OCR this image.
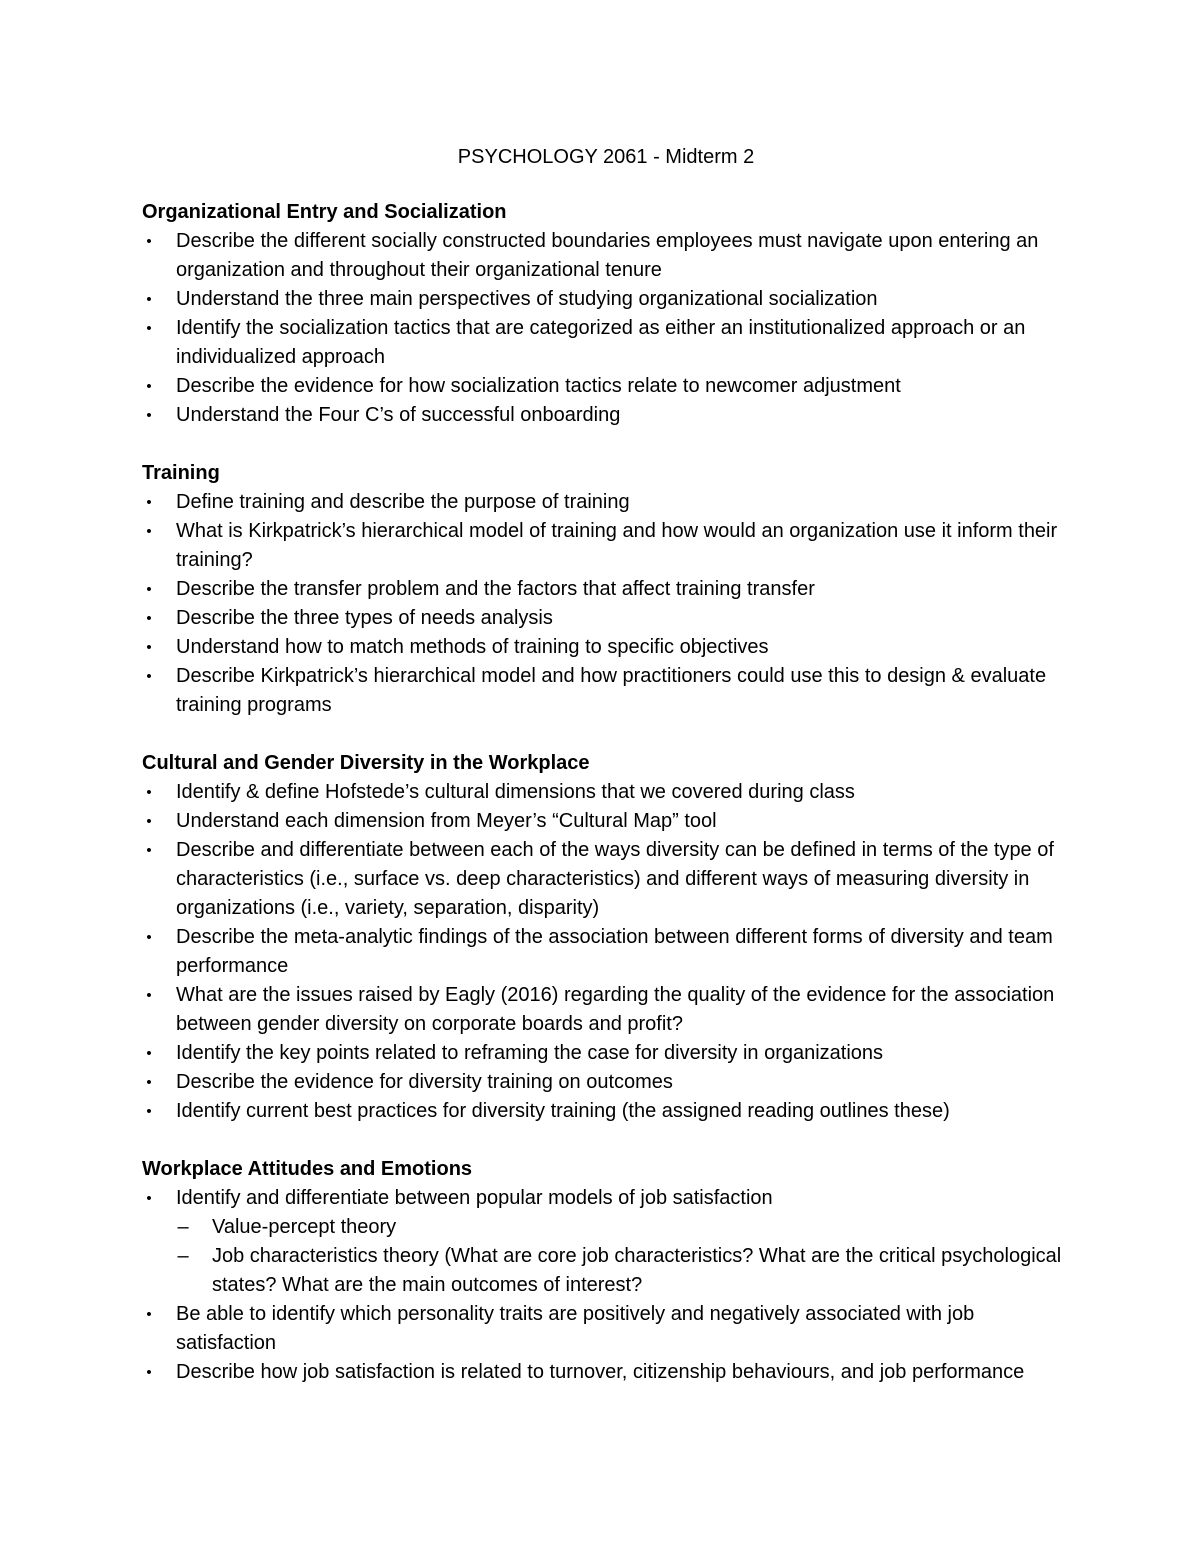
PSYCHOLOGY 2061 - Midterm 2
Organizational Entry and Socialization
• Describe the different socially constructed boundaries employees must navigate upon entering an organization and throughout their organizational tenure
• Understand the three main perspectives of studying organizational socialization
• Identify the socialization tactics that are categorized as either an institutionalized approach or an individualized approach
• Describe the evidence for how socialization tactics relate to newcomer adjustment
• Understand the Four C’s of successful onboarding
Training
• Define training and describe the purpose of training
• What is Kirkpatrick’s hierarchical model of training and how would an organization use it inform their training?
• Describe the transfer problem and the factors that affect training transfer
• Describe the three types of needs analysis
• Understand how to match methods of training to specific objectives
• Describe Kirkpatrick’s hierarchical model and how practitioners could use this to design & evaluate training programs
Cultural and Gender Diversity in the Workplace
• Identify & define Hofstede’s cultural dimensions that we covered during class
• Understand each dimension from Meyer’s “Cultural Map” tool
• Describe and differentiate between each of the ways diversity can be defined in terms of the type of characteristics (i.e., surface vs. deep characteristics) and different ways of measuring diversity in organizations (i.e., variety, separation, disparity)
• Describe the meta-analytic findings of the association between different forms of diversity and team performance
• What are the issues raised by Eagly (2016) regarding the quality of the evidence for the association between gender diversity on corporate boards and profit?
• Identify the key points related to reframing the case for diversity in organizations
• Describe the evidence for diversity training on outcomes
• Identify current best practices for diversity training (the assigned reading outlines these)
Workplace Attitudes and Emotions
• Identify and differentiate between popular models of job satisfaction
– Value-percept theory
– Job characteristics theory (What are core job characteristics? What are the critical psychological states? What are the main outcomes of interest?
• Be able to identify which personality traits are positively and negatively associated with job satisfaction
• Describe how job satisfaction is related to turnover, citizenship behaviours, and job performance
